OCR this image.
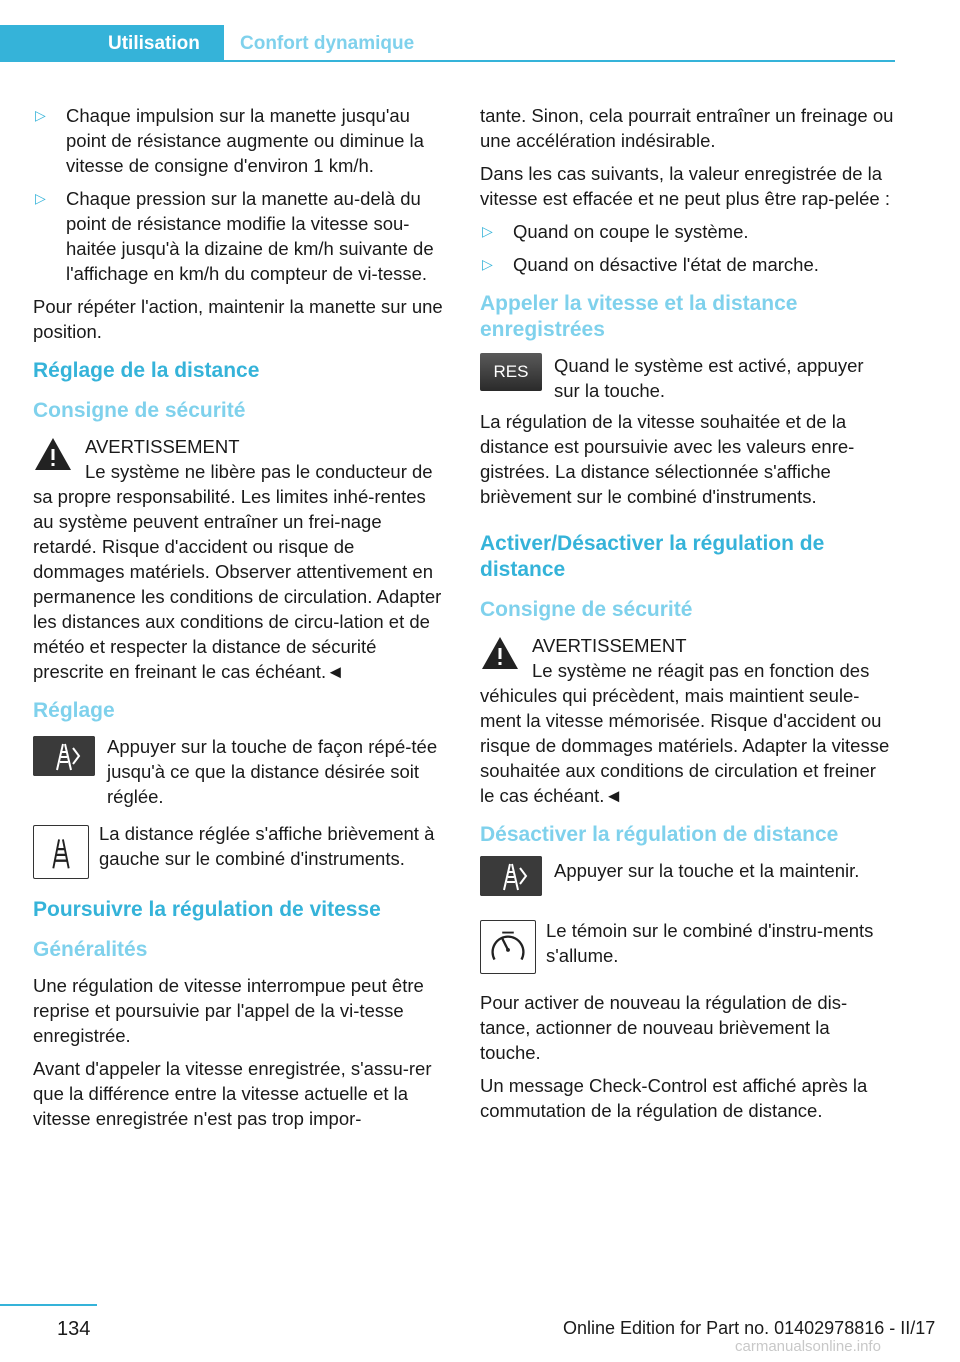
Utilisation	Confort dynamique
▷ Chaque impulsion sur la manette jusqu'au point de résistance augmente ou diminue la vitesse de consigne d'environ 1 km/h.
▷ Chaque pression sur la manette au-delà du point de résistance modifie la vitesse sou-haitée jusqu'à la dizaine de km/h suivante de l'affichage en km/h du compteur de vi-tesse.

Pour répéter l'action, maintenir la manette sur une position.

Réglage de la distance
Consigne de sécurité
AVERTISSEMENT

Le système ne libère pas le conducteur de sa propre responsabilité. Les limites inhé-rentes au système peuvent entraîner un frei-nage retardé. Risque d'accident ou risque de dommages matériels. Observer attentivement en permanence les conditions de circulation. Adapter les distances aux conditions de circu-lation et de météo et respecter la distance de sécurité prescrite en freinant le cas échéant.◄

Réglage

Appuyer sur la touche de façon répé-tée jusqu'à ce que la distance désirée soit réglée.

La distance réglée s'affiche brièvement à gauche sur le combiné d'instruments.

Poursuivre la régulation de vitesse
Généralités

Une régulation de vitesse interrompue peut être reprise et poursuivie par l'appel de la vi-tesse enregistrée.

Avant d'appeler la vitesse enregistrée, s'assu-rer que la différence entre la vitesse actuelle et la vitesse enregistrée n'est pas trop impor-

tante. Sinon, cela pourrait entraîner un freinage ou une accélération indésirable.

Dans les cas suivants, la valeur enregistrée de la vitesse est effacée et ne peut plus être rap-pelée :

▷ Quand on coupe le système.
▷ Quand on désactive l'état de marche.
Appeler la vitesse et la distance enregistrées
RES	Quand le système est activé, appuyer sur la touche.

La régulation de la vitesse souhaitée et de la distance est poursuivie avec les valeurs enre-gistrées. La distance sélectionnée s'affiche brièvement sur le combiné d'instruments.

Activer/Désactiver la régulation de distance
Consigne de sécurité
AVERTISSEMENT

Le système ne réagit pas en fonction des véhicules qui précèdent, mais maintient seule-ment la vitesse mémorisée. Risque d'accident ou risque de dommages matériels. Adapter la vitesse souhaitée aux conditions de circulation et freiner le cas échéant.◄

Désactiver la régulation de distance

Appuyer sur la touche et la maintenir.

Le témoin sur le combiné d'instru-ments s'allume.

Pour activer de nouveau la régulation de dis-tance, actionner de nouveau brièvement la touche.

Un message Check-Control est affiché après la commutation de la régulation de distance.

134	Online Edition for Part no. 01402978816 - II/17
carmanualsonline.info
